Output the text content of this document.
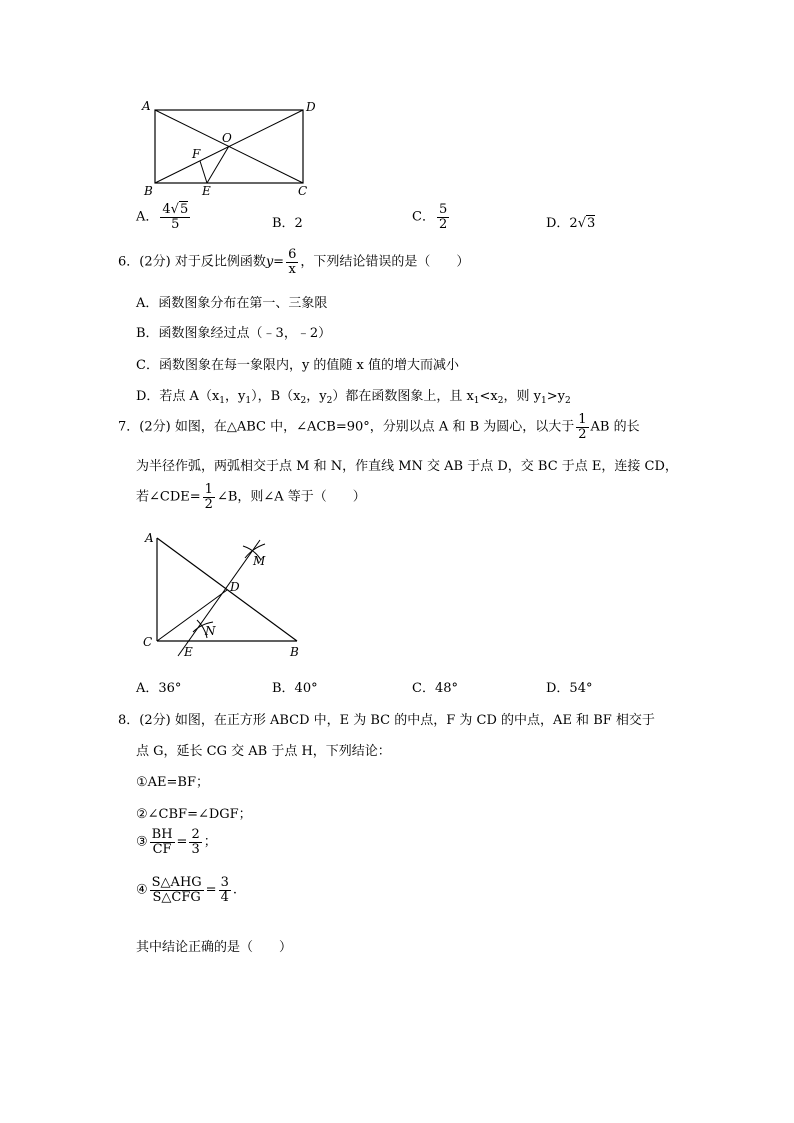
A	D
O
F
B	E	C
A． $\frac{4√5}{5}$	B．2	C． $\frac{5}{2}$	D．2√3
6．(2分) 对于反比例函数$y= \frac{6}{x}$ ，下列结论错误的是（　　）
A．函数图象分布在第一、三象限
B．函数图象经过点（﹣3，﹣2）
C．函数图象在每一象限内，y 的值随 x 值的增大而减小
D．若点 $A(x_1$，$y_1$），$B(x_2$，$y_2$）都在函数图象上，且 $x_1<x_2$，则 $y_1>y_2$
7．(2分) 如图，在△ABC 中，∠ACB=90°，分别以点 A 和 B 为圆心，以大于 $\frac{1}{2}$ AB 的长
为半径作弧，两弧相交于点 M 和 N，作直线 MN 交 AB 于点 D，交 BC 于点 E，连接 CD，
若∠CDE= $\frac{1}{2}$ ∠B，则∠A 等于（　　）
A
M
D
N
C
E	B
A．36°	B．40°	C．48°	D．54°
8．(2分) 如图，在正方形 ABCD 中，E 为 BC 的中点，F 为 CD 的中点，AE 和 BF 相交于
点 G，延长 CG 交 AB 于点 H，下列结论：
①AE=BF；
②∠CBF=∠DGF；
③ $\frac{BH}{CF} = \frac{2}{3}$ ；
④ $\frac{\text{S△AHG}}{\text{S△CFG}} = \frac{3}{4}$ .
其中结论正确的是（　　）
